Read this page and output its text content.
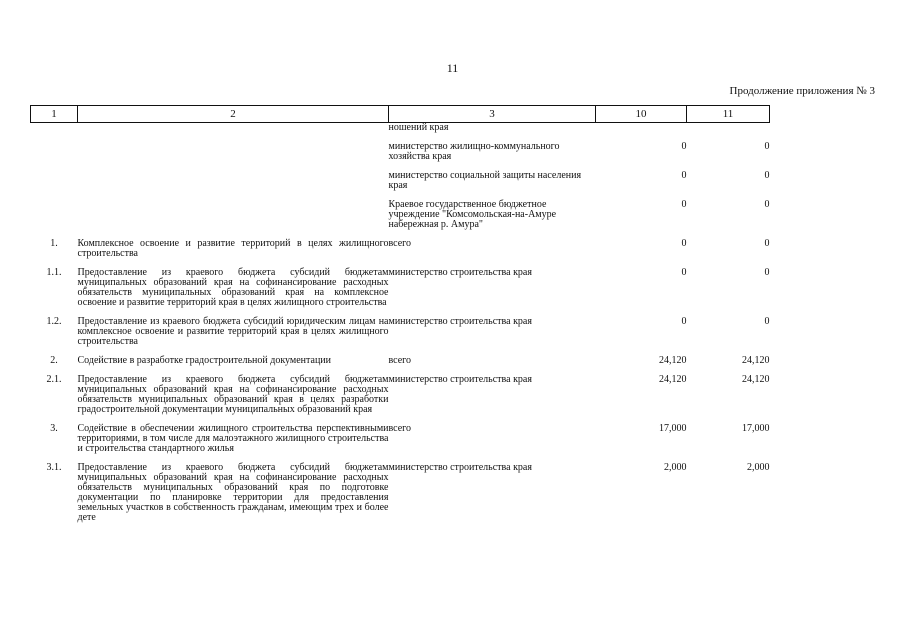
11
Продолжение приложения № 3
1	2	3	10	11
		ношений края		
		министерство жилищно-коммунального хозяйства края	0	0
		министерство социальной защиты населения края	0	0
		Краевое государственное бюджетное учреждение "Комсомольская-на-Амуре набережная р. Амура"	0	0
1.	Комплексное освоение и развитие территорий в целях жилищного строительства	всего	0	0
1.1.	Предоставление из краевого бюджета субсидий бюджетам муниципальных образований края на софинансирование расходных обязательств муниципальных образований края на комплексное освоение и развитие территорий края в целях жилищного строительства	министерство строительства края	0	0
1.2.	Предоставление из краевого бюджета субсидий юридическим лицам на комплексное освоение и развитие территорий края в целях жилищного строительства	министерство строительства края	0	0
2.	Содействие в разработке градостроительной документации	всего	24,120	24,120
2.1.	Предоставление из краевого бюджета субсидий бюджетам муниципальных образований края на софинансирование расходных обязательств муниципальных образований края в целях разработки градостроительной документации муниципальных образований края	министерство строительства края	24,120	24,120
3.	Содействие в обеспечении жилищного строительства перспективными территориями, в том числе для малоэтажного жилищного строительства и строительства стандартного жилья	всего	17,000	17,000
3.1.	Предоставление из краевого бюджета субсидий бюджетам муниципальных образований края на софинансирование расходных обязательств муниципальных образований края по подготовке документации по планировке территории для предоставления земельных участков в собственность гражданам, имеющим трех и более дете	министерство строительства края	2,000	2,000
